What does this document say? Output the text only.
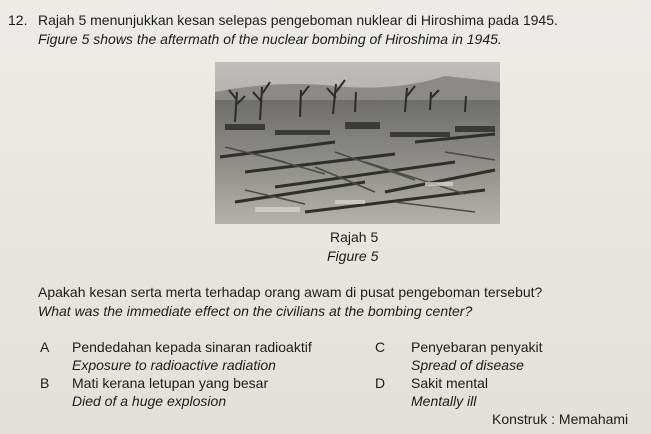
12. Rajah 5 menunjukkan kesan selepas pengeboman nuklear di Hiroshima pada 1945.
Figure 5 shows the aftermath of the nuclear bombing of Hiroshima in 1945.
Rajah 5
Figure 5
Apakah kesan serta merta terhadap orang awam di pusat pengeboman tersebut?
What was the immediate effect on the civilians at the bombing center?
A Pendedahan kepada sinaran radioaktif
Exposure to radioactive radiation
C Penyebaran penyakit
Spread of disease
B Mati kerana letupan yang besar
Died of a huge explosion
D Sakit mental
Mentally ill
Konstruk : Memahami
